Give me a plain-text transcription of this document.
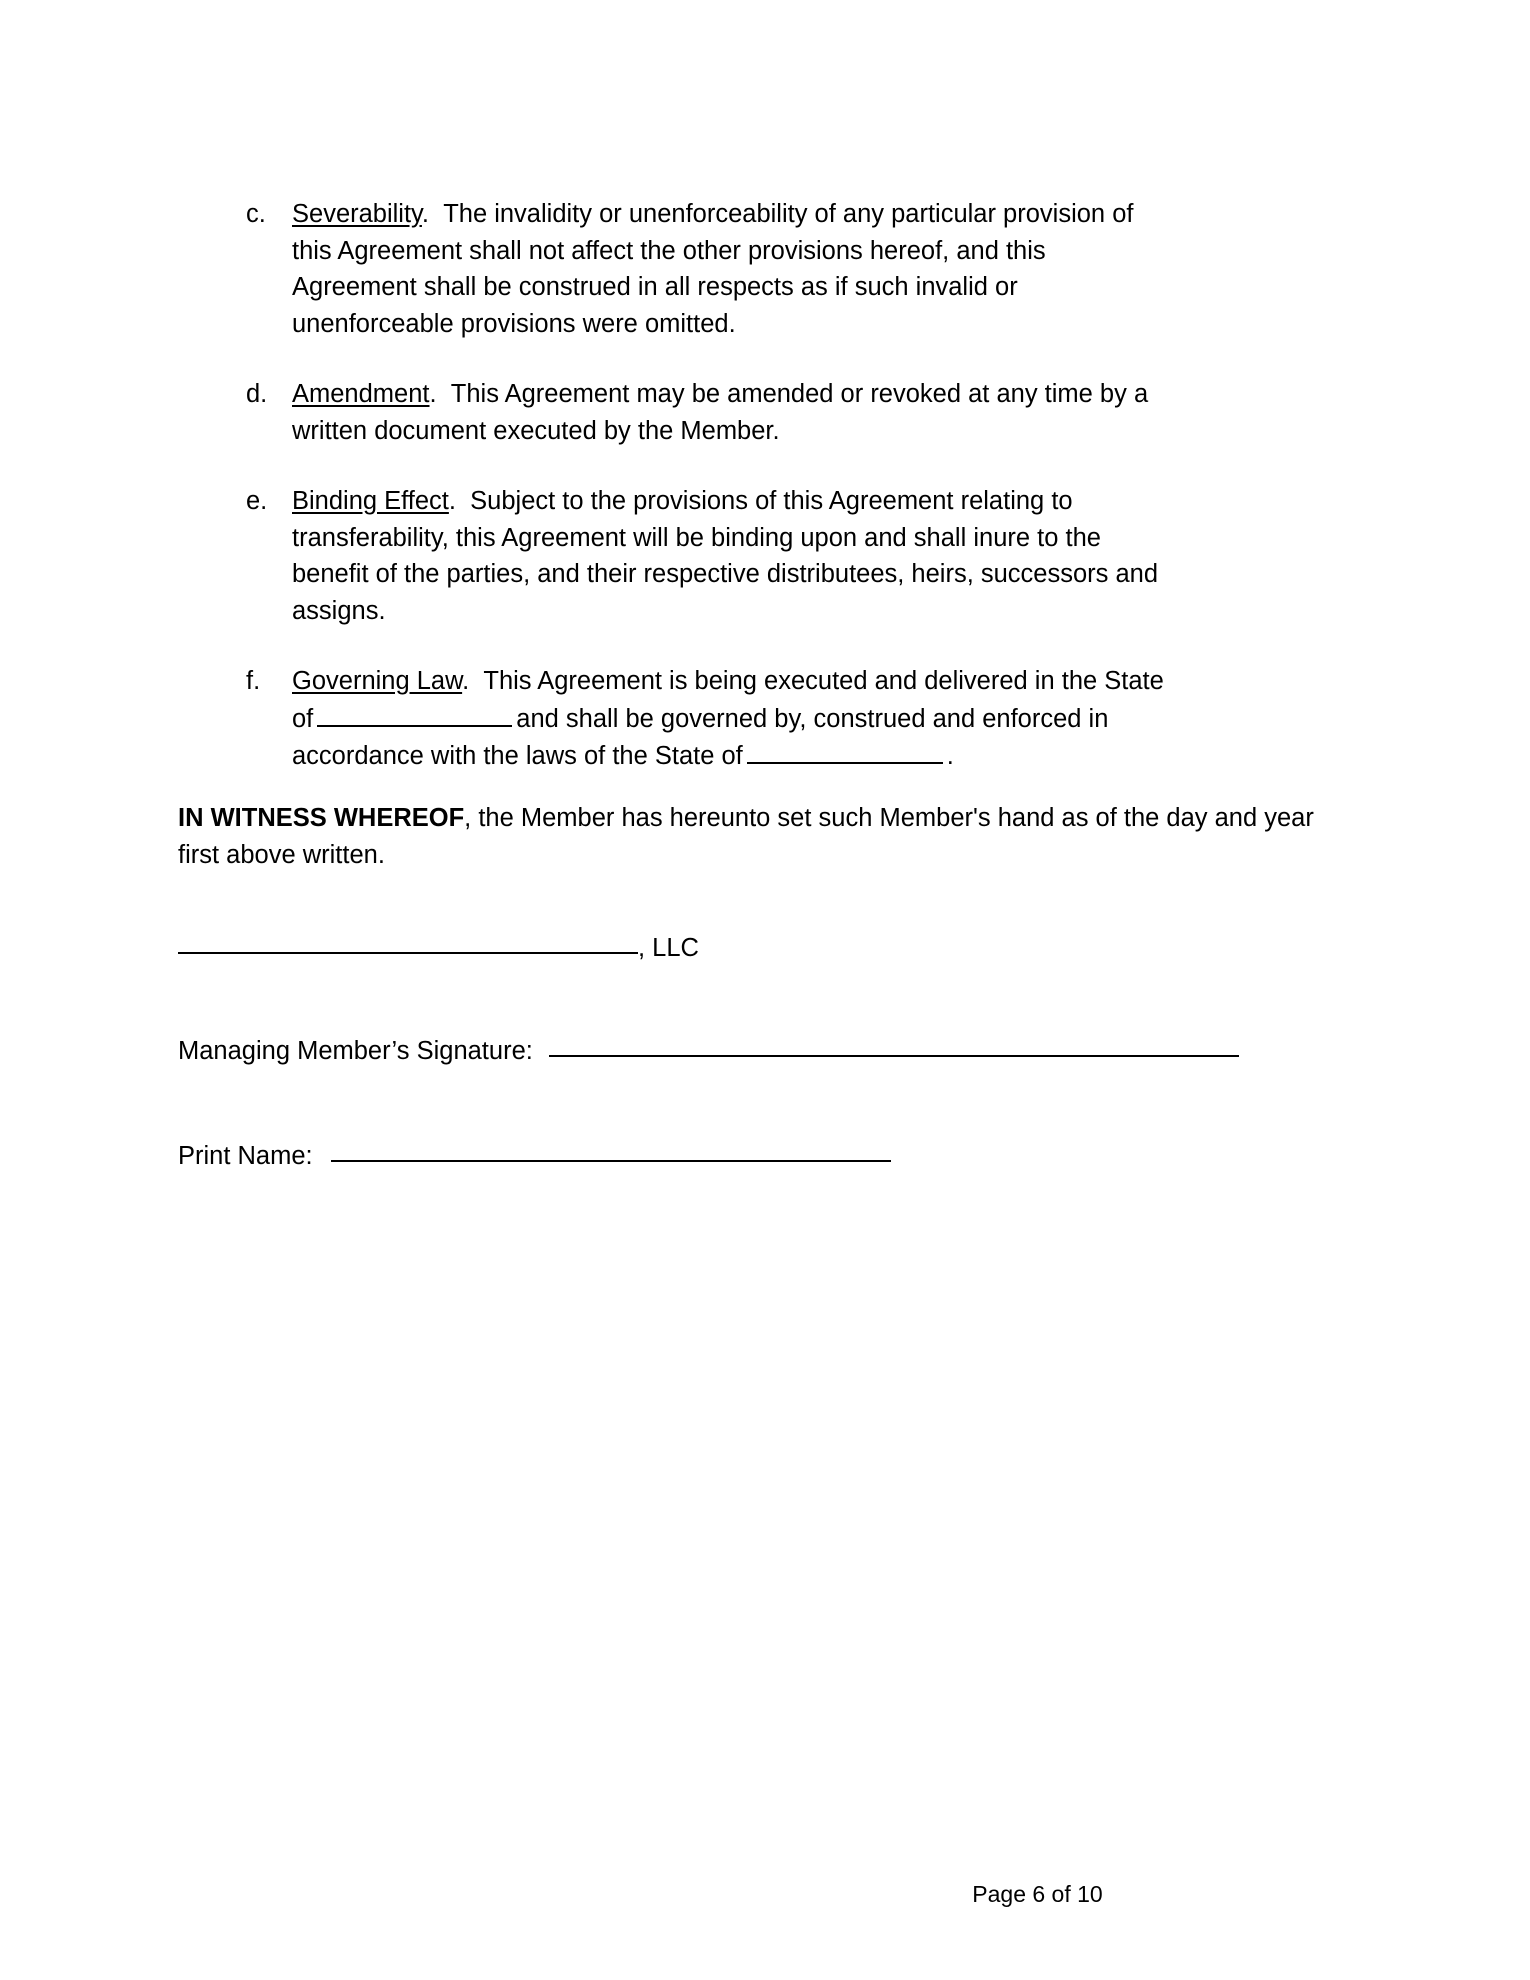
c.	Severability. The invalidity or unenforceability of any particular provision of this Agreement shall not affect the other provisions hereof, and this Agreement shall be construed in all respects as if such invalid or unenforceable provisions were omitted.
d. Amendment. This Agreement may be amended or revoked at any time by a written document executed by the Member.
e. Binding Effect. Subject to the provisions of this Agreement relating to transferability, this Agreement will be binding upon and shall inure to the benefit of the parties, and their respective distributees, heirs, successors and assigns.
f.	Governing Law. This Agreement is being executed and delivered in the State of	and shall be governed by, construed and enforced in accordance with the laws of the State of	.
IN WITNESS WHEREOF, the Member has hereunto set such Member's hand as of the day and year first above written.
, LLC
Managing Member’s Signature:
Print Name:
Page 6 of 10
